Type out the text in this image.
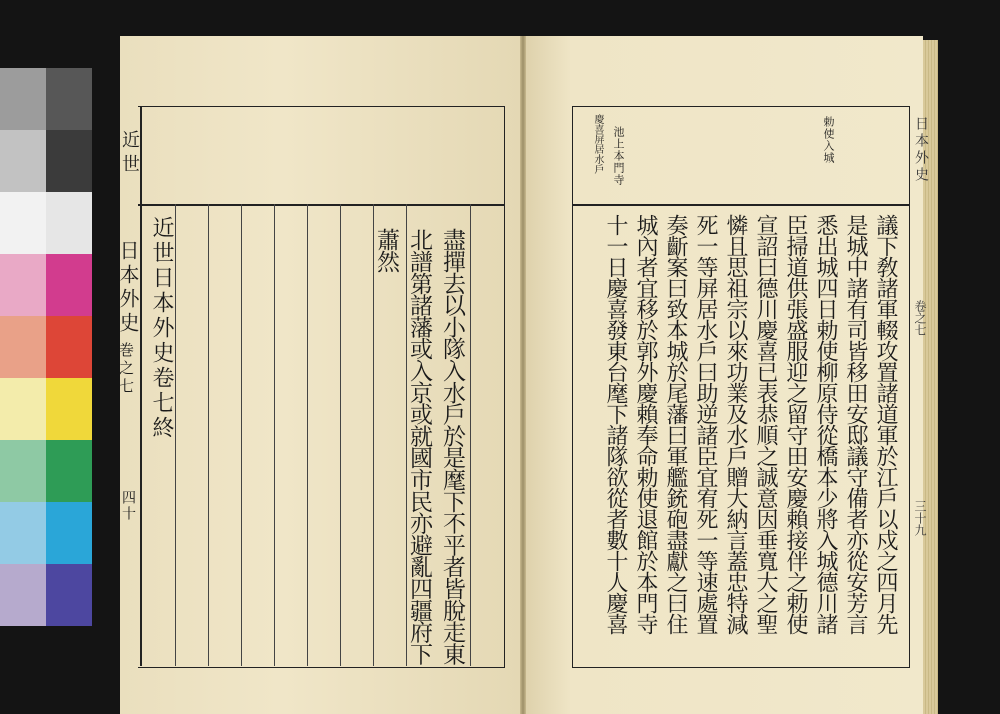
近世
日本外史
巻之七
四十
近世日本外史卷七終	盡撣去以小隊入水戶於是麾下不平者皆脫走東
北譜第諸藩或入京或就國市民亦避亂四疆府下
蕭然
勅使入城
池上本門寺
慶喜屏居水戶
議下敎諸軍輟攻置諸道軍於江戶以戍之四月先
是城中諸有司皆移田安邸議守備者亦從安芳言
悉出城四日勅使柳原侍從橋本少將入城德川諸
臣掃道供張盛服迎之留守田安慶賴接伴之勅使
宣詔曰德川慶喜已表恭順之誠意因垂寬大之聖
憐且思祖宗以來功業及水戶贈大納言蓋忠特減
死一等屏居水戶曰助逆諸臣宜宥死一等速處置
奏齗案曰致本城於尾藩曰軍艦銃砲盡獻之曰住
城內者宜移於郭外慶賴奉命勅使退館於本門寺
十一日慶喜發東台麾下諸隊欲從者數十人慶喜
日本外史
卷之七
三十九
